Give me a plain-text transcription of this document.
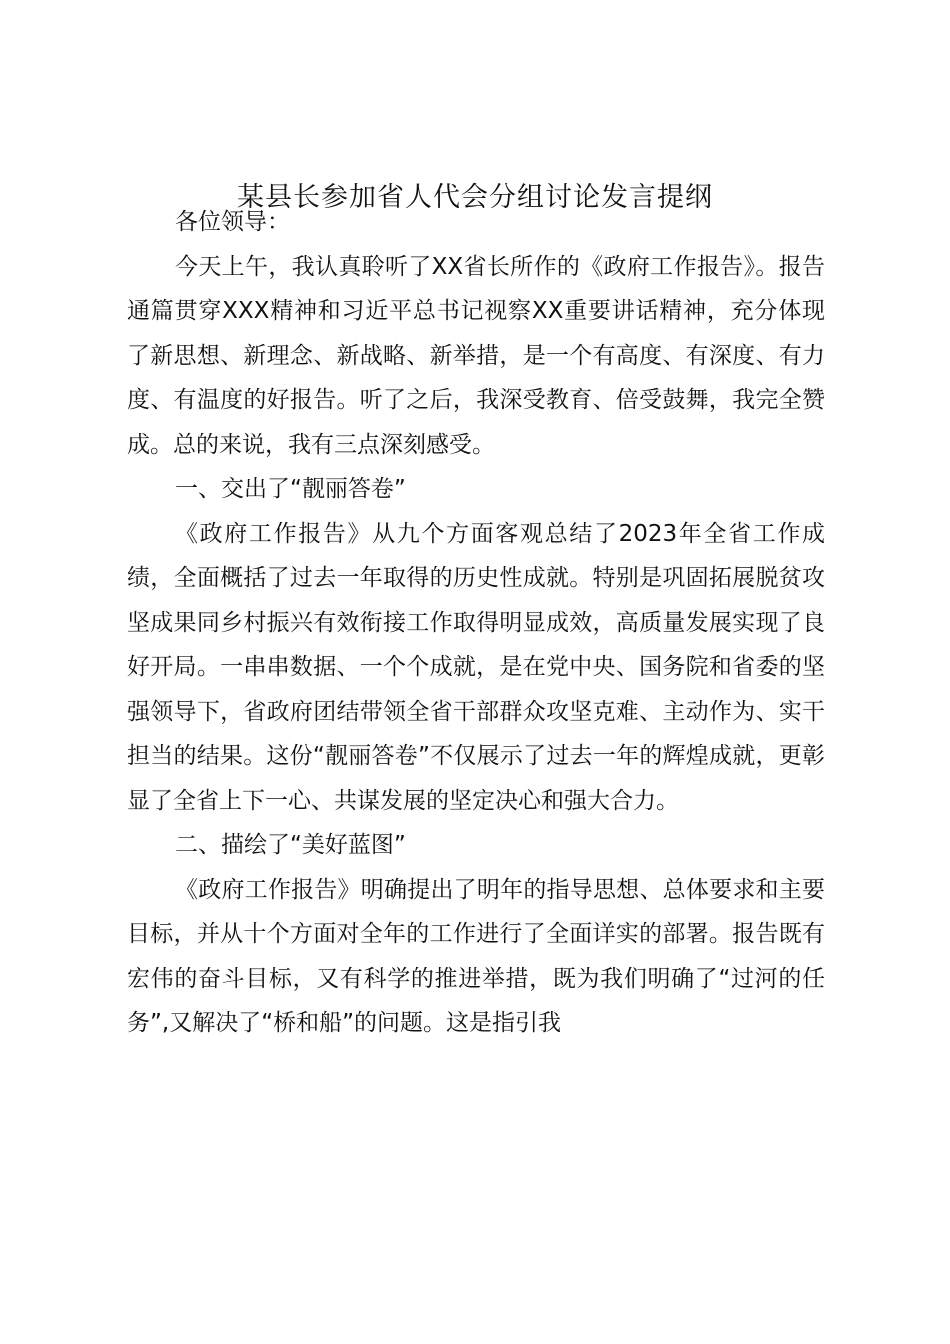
某县长参加省人代会分组讨论发言提纲

各位领导：

今天上午，我认真聆听了XX省长所作的《政府工作报告》。报告通篇贯穿XXX精神和习近平总书记视察XX重要讲话精神，充分体现了新思想、新理念、新战略、新举措，是一个有高度、有深度、有力度、有温度的好报告。听了之后，我深受教育、倍受鼓舞，我完全赞成。总的来说，我有三点深刻感受。

一、交出了“靓丽答卷”

《政府工作报告》从九个方面客观总结了2023年全省工作成绩，全面概括了过去一年取得的历史性成就。特别是巩固拓展脱贫攻坚成果同乡村振兴有效衔接工作取得明显成效，高质量发展实现了良好开局。一串串数据、一个个成就，是在党中央、国务院和省委的坚强领导下，省政府团结带领全省干部群众攻坚克难、主动作为、实干担当的结果。这份“靓丽答卷”不仅展示了过去一年的辉煌成就，更彰显了全省上下一心、共谋发展的坚定决心和强大合力。

二、描绘了“美好蓝图”

《政府工作报告》明确提出了明年的指导思想、总体要求和主要目标，并从十个方面对全年的工作进行了全面详实的部署。报告既有宏伟的奋斗目标，又有科学的推进举措，既为我们明确了“过河的任务”,又解决了“桥和船”的问题。这是指引我
